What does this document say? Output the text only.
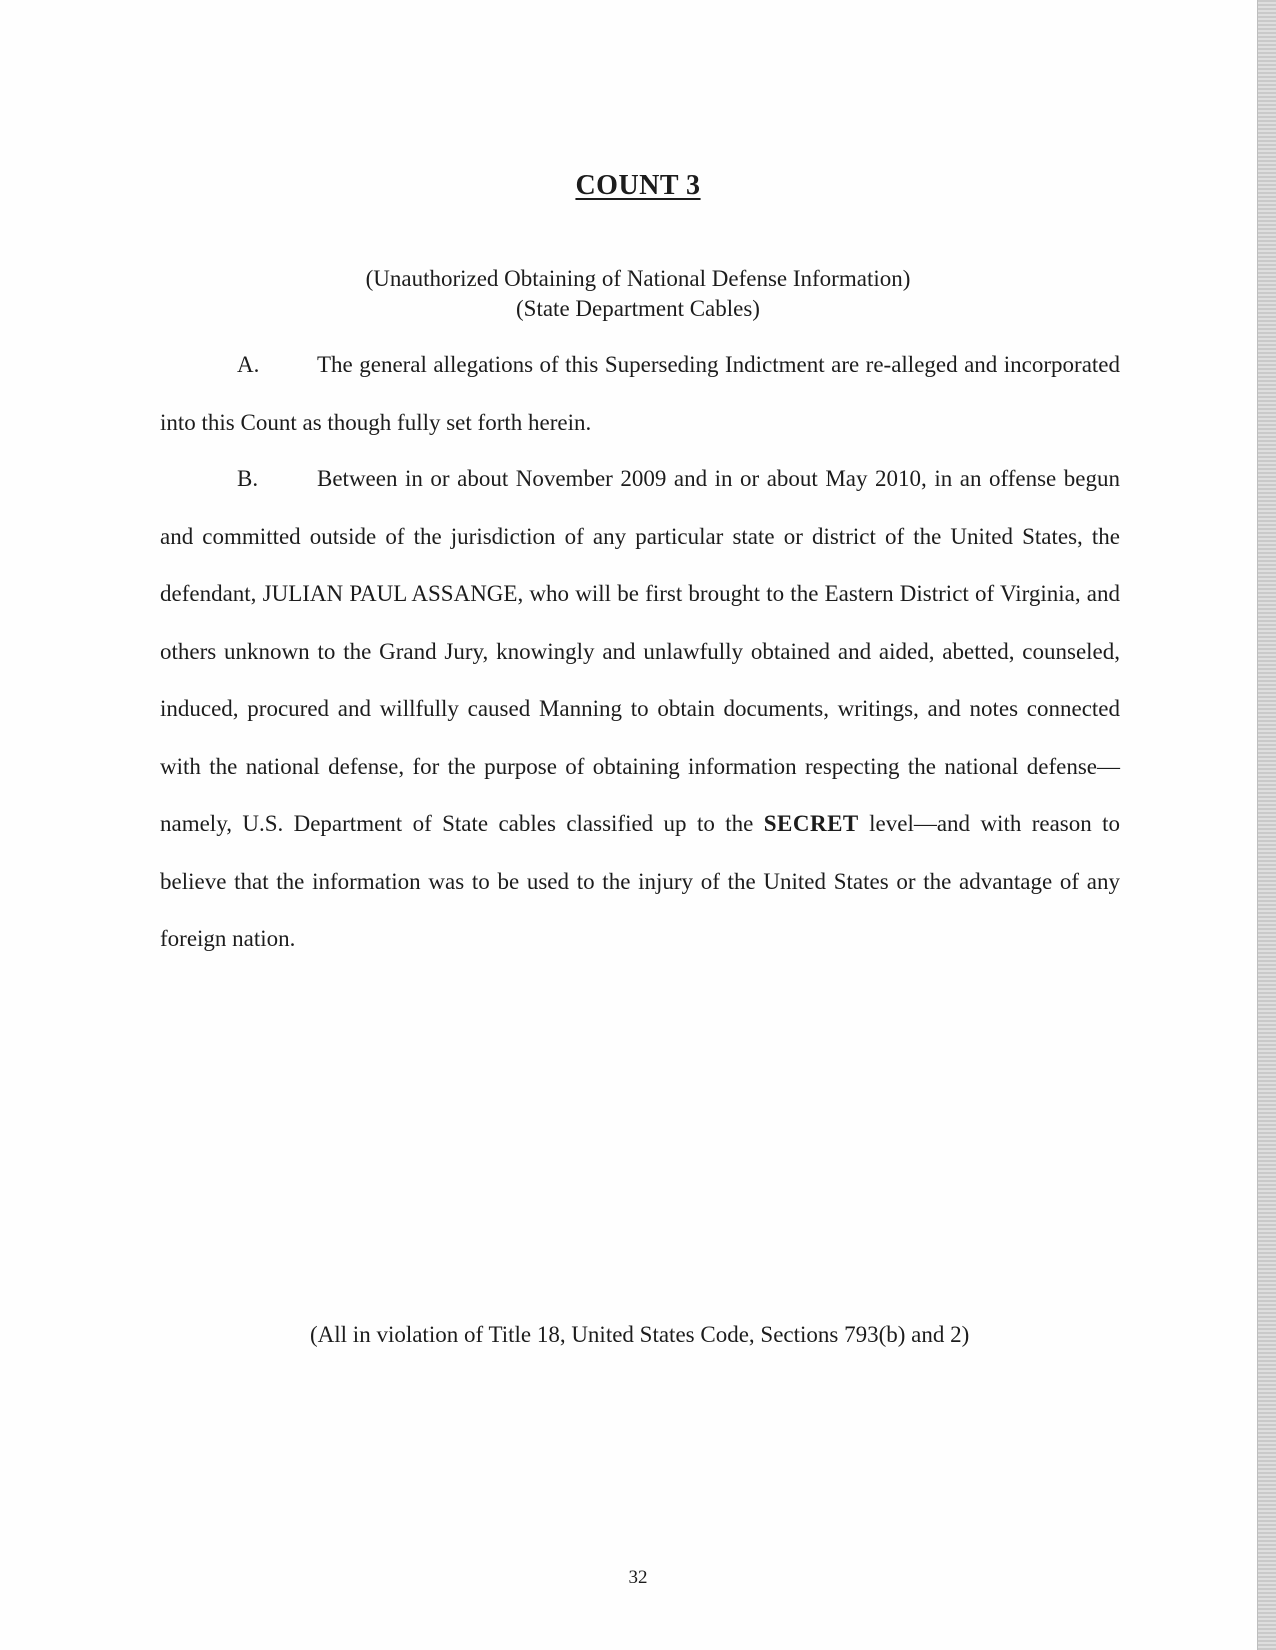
COUNT 3
(Unauthorized Obtaining of National Defense Information)
(State Department Cables)
A.	The general allegations of this Superseding Indictment are re-alleged and incorporated into this Count as though fully set forth herein.
B.	Between in or about November 2009 and in or about May 2010, in an offense begun and committed outside of the jurisdiction of any particular state or district of the United States, the defendant, JULIAN PAUL ASSANGE, who will be first brought to the Eastern District of Virginia, and others unknown to the Grand Jury, knowingly and unlawfully obtained and aided, abetted, counseled, induced, procured and willfully caused Manning to obtain documents, writings, and notes connected with the national defense, for the purpose of obtaining information respecting the national defense—namely, U.S. Department of State cables classified up to the SECRET level—and with reason to believe that the information was to be used to the injury of the United States or the advantage of any foreign nation.
(All in violation of Title 18, United States Code, Sections 793(b) and 2)
32
